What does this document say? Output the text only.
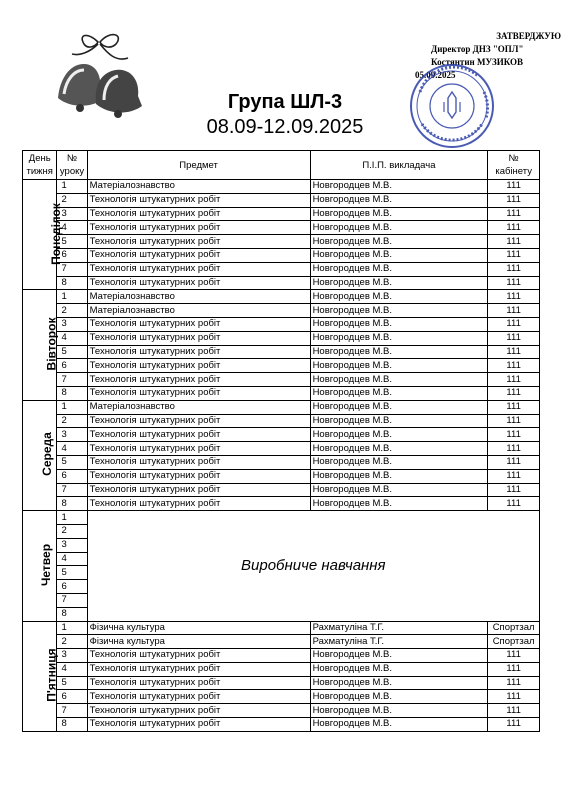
ЗАТВЕРДЖУЮ
Директор ДНЗ "ОПЛ"
Костянтин МУЗИКОВ
05.09.2025
Група ШЛ-3
08.09-12.09.2025
День тижня	№ уроку	Предмет	П.І.П. викладача	№ кабінету
Понеділок	1	Матеріалознавство	Новгородцев М.В.	111
	2	Технологія штукатурних робіт	Новгородцев М.В.	111
	3	Технологія штукатурних робіт	Новгородцев М.В.	111
	4	Технологія штукатурних робіт	Новгородцев М.В.	111
	5	Технологія штукатурних робіт	Новгородцев М.В.	111
	6	Технологія штукатурних робіт	Новгородцев М.В.	111
	7	Технологія штукатурних робіт	Новгородцев М.В.	111
	8	Технологія штукатурних робіт	Новгородцев М.В.	111
Вівторок	1	Матеріалознавство	Новгородцев М.В.	111
	2	Матеріалознавство	Новгородцев М.В.	111
	3	Технологія штукатурних робіт	Новгородцев М.В.	111
	4	Технологія штукатурних робіт	Новгородцев М.В.	111
	5	Технологія штукатурних робіт	Новгородцев М.В.	111
	6	Технологія штукатурних робіт	Новгородцев М.В.	111
	7	Технологія штукатурних робіт	Новгородцев М.В.	111
	8	Технологія штукатурних робіт	Новгородцев М.В.	111
Середа	1	Матеріалознавство	Новгородцев М.В.	111
	2	Технологія штукатурних робіт	Новгородцев М.В.	111
	3	Технологія штукатурних робіт	Новгородцев М.В.	111
	4	Технологія штукатурних робіт	Новгородцев М.В.	111
	5	Технологія штукатурних робіт	Новгородцев М.В.	111
	6	Технологія штукатурних робіт	Новгородцев М.В.	111
	7	Технологія штукатурних робіт	Новгородцев М.В.	111
	8	Технологія штукатурних робіт	Новгородцев М.В.	111
Четвер	1	Виробниче навчання		
	2			
	3			
	4			
	5			
	6			
	7			
	8			
П'ятниця	1	Фізична культура	Рахматуліна Т.Г.	Спортзал
	2	Фізична культура	Рахматуліна Т.Г.	Спортзал
	3	Технологія штукатурних робіт	Новгородцев М.В.	111
	4	Технологія штукатурних робіт	Новгородцев М.В.	111
	5	Технологія штукатурних робіт	Новгородцев М.В.	111
	6	Технологія штукатурних робіт	Новгородцев М.В.	111
	7	Технологія штукатурних робіт	Новгородцев М.В.	111
	8	Технологія штукатурних робіт	Новгородцев М.В.	111
